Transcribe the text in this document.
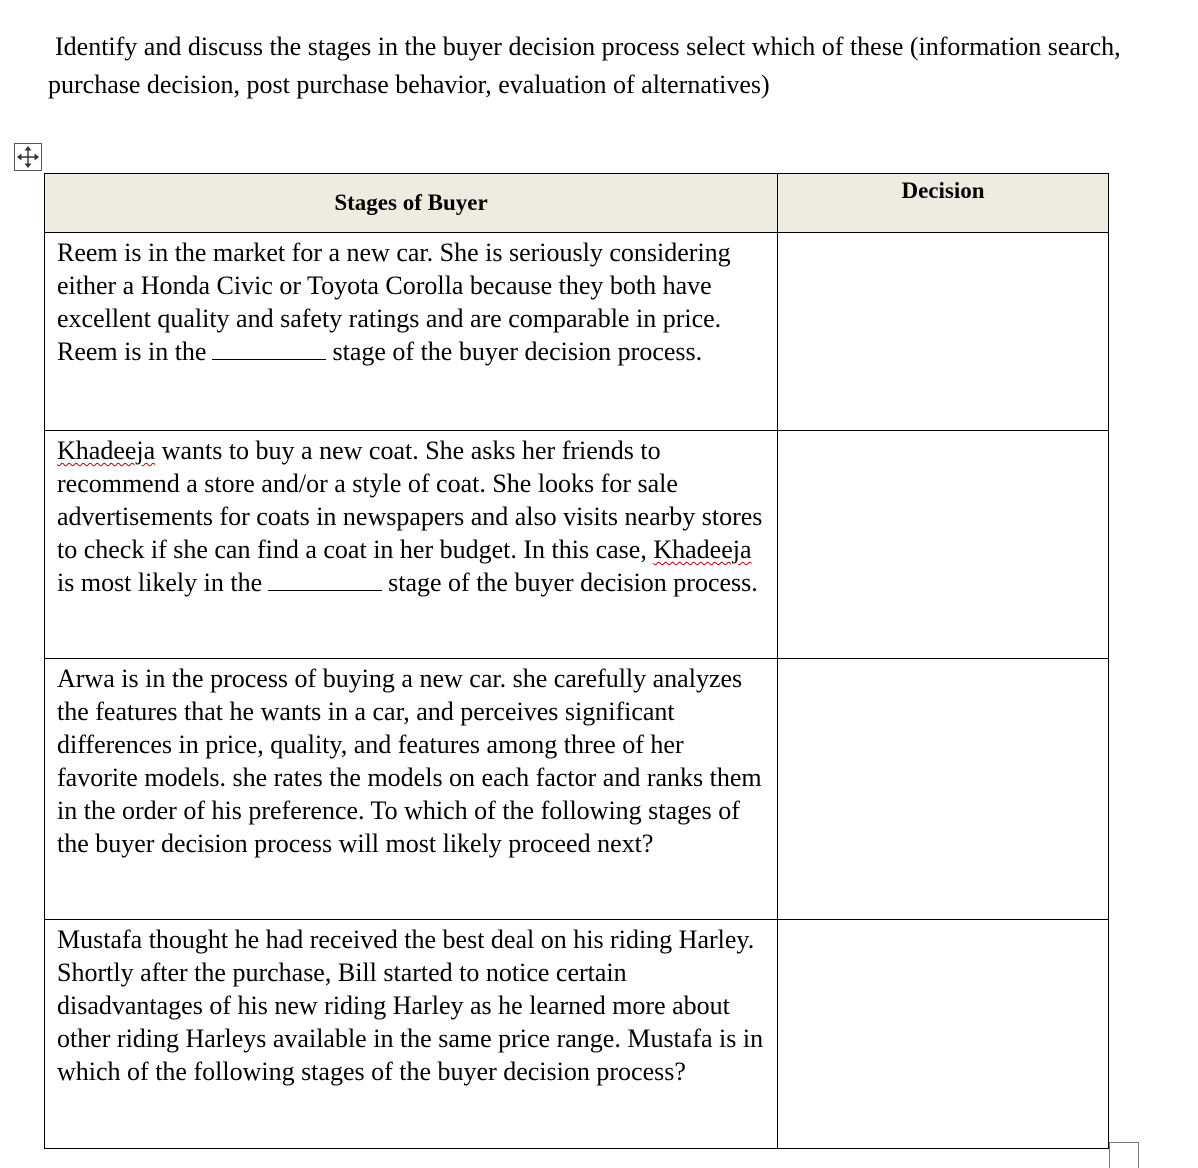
Identify and discuss the stages in the buyer decision process select which of these (information search, purchase decision, post purchase behavior, evaluation of alternatives)

Stages of Buyer	Decision

Reem is in the market for a new car. She is seriously considering either a Honda Civic or Toyota Corolla because they both have excellent quality and safety ratings and are comparable in price. Reem is in the stage of the buyer decision process.	

Khadeeja wants to buy a new coat. She asks her friends to recommend a store and/or a style of coat. She looks for sale advertisements for coats in newspapers and also visits nearby stores to check if she can find a coat in her budget. In this case, Khadeeja is most likely in the stage of the buyer decision process.	

Arwa is in the process of buying a new car. she carefully analyzes the features that he wants in a car, and perceives significant differences in price, quality, and features among three of her favorite models. she rates the models on each factor and ranks them in the order of his preference. To which of the following stages of the buyer decision process will most likely proceed next?	

Mustafa thought he had received the best deal on his riding Harley. Shortly after the purchase, Bill started to notice certain disadvantages of his new riding Harley as he learned more about other riding Harleys available in the same price range. Mustafa is in which of the following stages of the buyer decision process?	
